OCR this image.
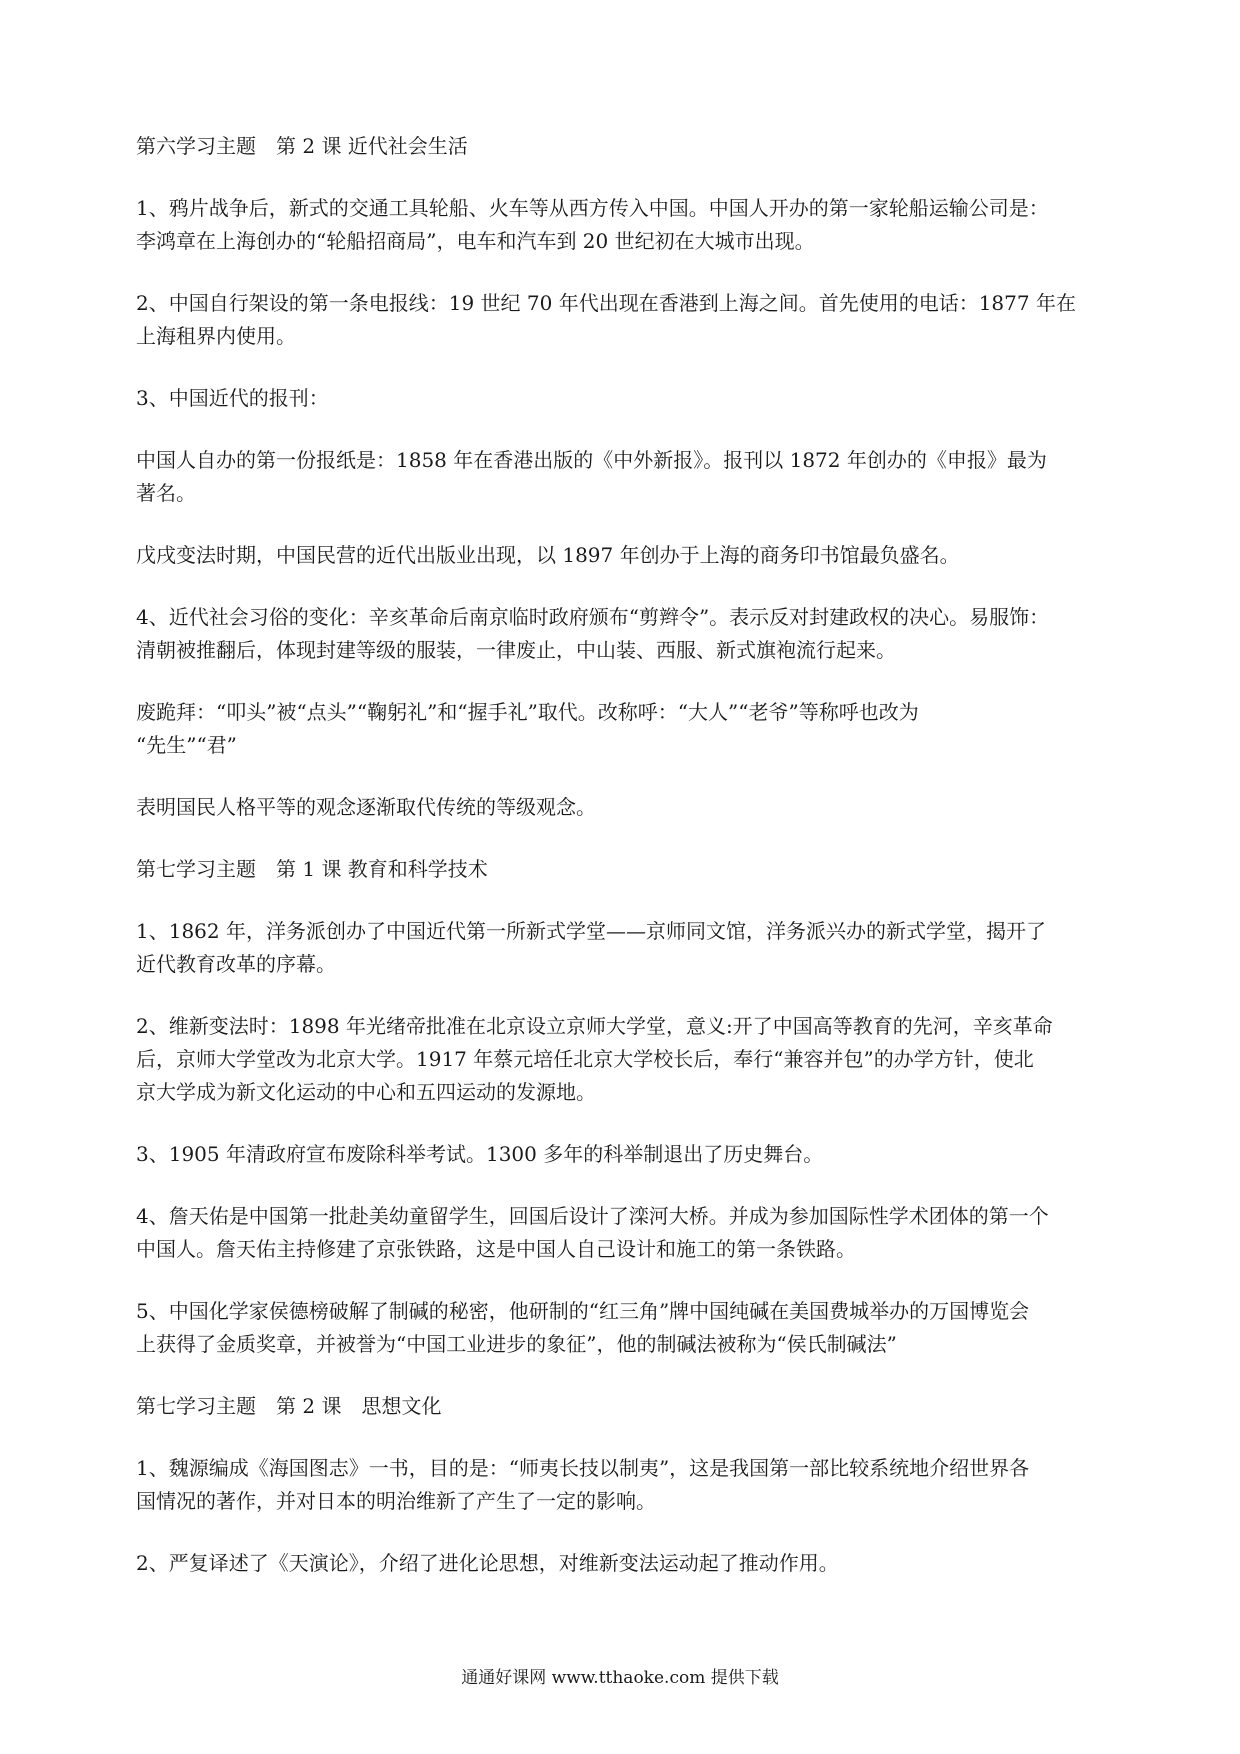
第六学习主题　第 2 课 近代社会生活
1、鸦片战争后，新式的交通工具轮船、火车等从西方传入中国。中国人开办的第一家轮船运输公司是：
李鸿章在上海创办的“轮船招商局”，电车和汽车到 20 世纪初在大城市出现。
2、中国自行架设的第一条电报线：19 世纪 70 年代出现在香港到上海之间。首先使用的电话：1877 年在
上海租界内使用。
3、中国近代的报刊：
中国人自办的第一份报纸是：1858 年在香港出版的《中外新报》。报刊以 1872 年创办的《申报》最为
著名。
戊戌变法时期，中国民营的近代出版业出现，以 1897 年创办于上海的商务印书馆最负盛名。
4、近代社会习俗的变化：辛亥革命后南京临时政府颁布“剪辫令”。表示反对封建政权的决心。易服饰：
清朝被推翻后，体现封建等级的服装，一律废止，中山装、西服、新式旗袍流行起来。
废跪拜：“叩头”被“点头”“鞠躬礼”和“握手礼”取代。改称呼：“大人”“老爷”等称呼也改为
“先生”“君”
表明国民人格平等的观念逐渐取代传统的等级观念。
第七学习主题　第 1 课 教育和科学技术
1、1862 年，洋务派创办了中国近代第一所新式学堂——京师同文馆，洋务派兴办的新式学堂，揭开了
近代教育改革的序幕。
2、维新变法时：1898 年光绪帝批准在北京设立京师大学堂，意义:开了中国高等教育的先河，辛亥革命
后，京师大学堂改为北京大学。1917 年蔡元培任北京大学校长后，奉行“兼容并包”的办学方针，使北
京大学成为新文化运动的中心和五四运动的发源地。
3、1905 年清政府宣布废除科举考试。1300 多年的科举制退出了历史舞台。
4、詹天佑是中国第一批赴美幼童留学生，回国后设计了滦河大桥。并成为参加国际性学术团体的第一个
中国人。詹天佑主持修建了京张铁路，这是中国人自己设计和施工的第一条铁路。
5、中国化学家侯德榜破解了制碱的秘密，他研制的“红三角”牌中国纯碱在美国费城举办的万国博览会
上获得了金质奖章，并被誉为“中国工业进步的象征”，他的制碱法被称为“侯氏制碱法”
第七学习主题　第 2 课　思想文化
1、魏源编成《海国图志》一书，目的是：“师夷长技以制夷”，这是我国第一部比较系统地介绍世界各
国情况的著作，并对日本的明治维新了产生了一定的影响。
2、严复译述了《天演论》，介绍了进化论思想，对维新变法运动起了推动作用。
通通好课网 www.tthaoke.com 提供下载
